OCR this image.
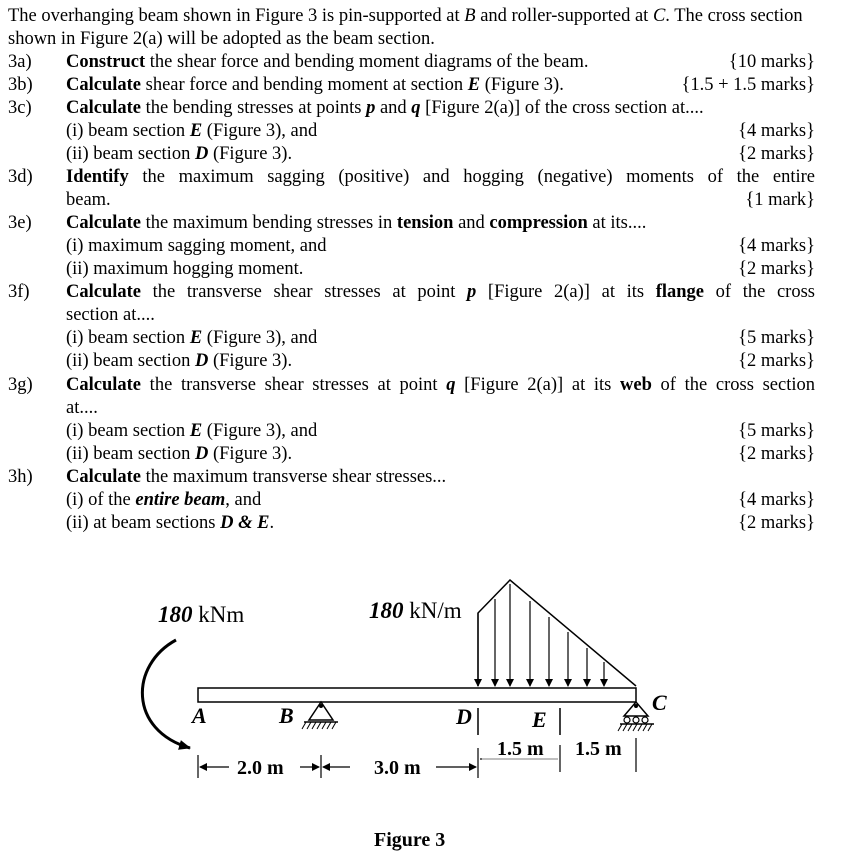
The overhanging beam shown in Figure 3 is pin-supported at B and roller-supported at C. The cross section shown in Figure 2(a) will be adopted as the beam section.
3a) Construct the shear force and bending moment diagrams of the beam.	{10 marks}
3b) Calculate shear force and bending moment at section E (Figure 3).	{1.5 + 1.5 marks}
3c) Calculate the bending stresses at points p and q [Figure 2(a)] of the cross section at....
(i) beam section E (Figure 3), and	{4 marks}
(ii) beam section D (Figure 3).	{2 marks}
3d) Identify the maximum sagging (positive) and hogging (negative) moments of the entire
beam.	{1 mark}
3e) Calculate the maximum bending stresses in tension and compression at its....
(i) maximum sagging moment, and	{4 marks}
(ii) maximum hogging moment.	{2 marks}
3f) Calculate the transverse shear stresses at point p [Figure 2(a)] at its flange of the cross
section at....
(i) beam section E (Figure 3), and	{5 marks}
(ii) beam section D (Figure 3).	{2 marks}
3g) Calculate the transverse shear stresses at point q [Figure 2(a)] at its web of the cross section
at....
(i) beam section E (Figure 3), and	{5 marks}
(ii) beam section D (Figure 3).	{2 marks}
3h) Calculate the maximum transverse shear stresses...
(i) of the entire beam, and	{4 marks}
(ii) at beam sections D & E.	{2 marks}
180 kNm	180 kN/m
A	B
C
D	E
2.0 m	3.0 m
1.5 m 1.5 m
Figure 3
